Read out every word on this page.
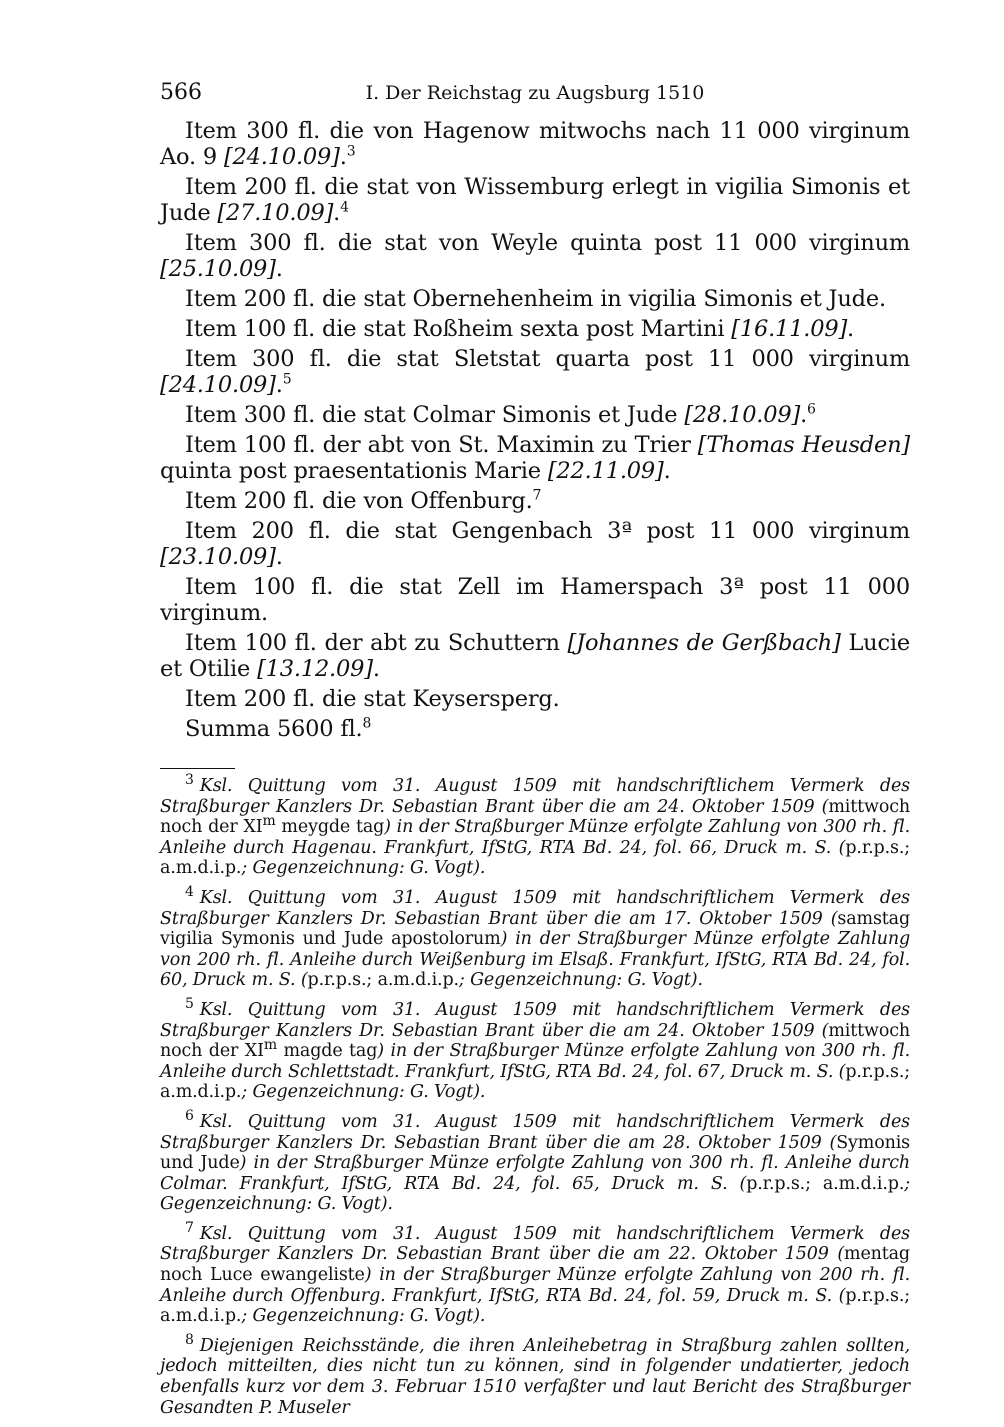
566	I. Der Reichstag zu Augsburg 1510

Item 300 fl. die von Hagenow mitwochs nach 11 000 virginum Ao. 9 [24.10.09].$^3$

Item 200 fl. die stat von Wissemburg erlegt in vigilia Simonis et Jude [27.10.09].$^4$

Item 300 fl. die stat von Weyle quinta post 11 000 virginum [25.10.09].

Item 200 fl. die stat Obernehenheim in vigilia Simonis et Jude.

Item 100 fl. die stat Roßheim sexta post Martini [16.11.09].

Item 300 fl. die stat Sletstat quarta post 11 000 virginum [24.10.09].$^5$

Item 300 fl. die stat Colmar Simonis et Jude [28.10.09].$^6$

Item 100 fl. der abt von St. Maximin zu Trier [Thomas Heusden] quinta post praesentationis Marie [22.11.09].

Item 200 fl. die von Offenburg.$^7$

Item 200 fl. die stat Gengenbach 3ª post 11 000 virginum [23.10.09].

Item 100 fl. die stat Zell im Hamerspach 3ª post 11 000 virginum.

Item 100 fl. der abt zu Schuttern [Johannes de Gerßbach] Lucie et Otilie [13.12.09].

Item 200 fl. die stat Keysersperg.

Summa 5600 fl.$^8$

$^3$ Ksl. Quittung vom 31. August 1509 mit handschriftlichem Vermerk des Straßburger Kanzlers Dr. Sebastian Brant über die am 24. Oktober 1509 (mittwoch noch der $XI^m$ meygde tag) in der Straßburger Münze erfolgte Zahlung von 300 rh. fl. Anleihe durch Hagenau. Frankfurt, IfStG, RTA Bd. 24, fol. 66, Druck m. S. (p.r.p.s.; a.m.d.i.p.; Gegenzeichnung: G. Vogt).

$^4$ Ksl. Quittung vom 31. August 1509 mit handschriftlichem Vermerk des Straßburger Kanzlers Dr. Sebastian Brant über die am 17. Oktober 1509 (samstag vigilia Symonis und Jude apostolorum) in der Straßburger Münze erfolgte Zahlung von 200 rh. fl. Anleihe durch Weißenburg im Elsaß. Frankfurt, IfStG, RTA Bd. 24, fol. 60, Druck m. S. (p.r.p.s.; a.m.d.i.p.; Gegenzeichnung: G. Vogt).

$^5$ Ksl. Quittung vom 31. August 1509 mit handschriftlichem Vermerk des Straßburger Kanzlers Dr. Sebastian Brant über die am 24. Oktober 1509 (mittwoch noch der $XI^m$ magde tag) in der Straßburger Münze erfolgte Zahlung von 300 rh. fl. Anleihe durch Schlettstadt. Frankfurt, IfStG, RTA Bd. 24, fol. 67, Druck m. S. (p.r.p.s.; a.m.d.i.p.; Gegenzeichnung: G. Vogt).

$^6$ Ksl. Quittung vom 31. August 1509 mit handschriftlichem Vermerk des Straßburger Kanzlers Dr. Sebastian Brant über die am 28. Oktober 1509 (Symonis und Jude) in der Straßburger Münze erfolgte Zahlung von 300 rh. fl. Anleihe durch Colmar. Frankfurt, IfStG, RTA Bd. 24, fol. 65, Druck m. S. (p.r.p.s.; a.m.d.i.p.; Gegenzeichnung: G. Vogt).

$^7$ Ksl. Quittung vom 31. August 1509 mit handschriftlichem Vermerk des Straßburger Kanzlers Dr. Sebastian Brant über die am 22. Oktober 1509 (mentag noch Luce ewangeliste) in der Straßburger Münze erfolgte Zahlung von 200 rh. fl. Anleihe durch Offenburg. Frankfurt, IfStG, RTA Bd. 24, fol. 59, Druck m. S. (p.r.p.s.; a.m.d.i.p.; Gegenzeichnung: G. Vogt).

$^8$ Diejenigen Reichsstände, die ihren Anleihebetrag in Straßburg zahlen sollten, jedoch mitteilten, dies nicht tun zu können, sind in folgender undatierter, jedoch ebenfalls kurz vor dem 3. Februar 1510 verfaßter und laut Bericht des Straßburger Gesandten P. Museler
